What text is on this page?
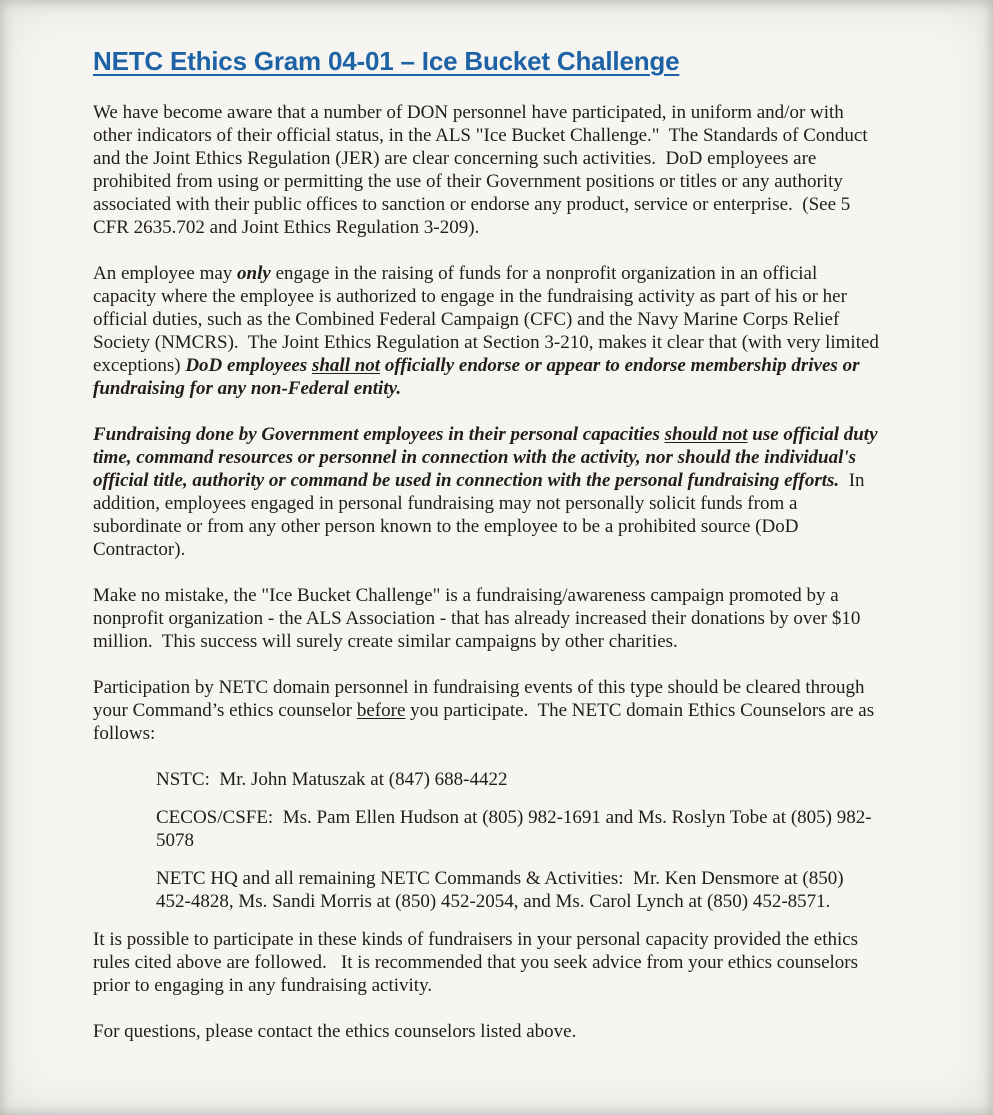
NETC Ethics Gram 04-01 – Ice Bucket Challenge

We have become aware that a number of DON personnel have participated, in uniform and/or with other indicators of their official status, in the ALS "Ice Bucket Challenge."  The Standards of Conduct and the Joint Ethics Regulation (JER) are clear concerning such activities.  DoD employees are prohibited from using or permitting the use of their Government positions or titles or any authority associated with their public offices to sanction or endorse any product, service or enterprise.  (See 5 CFR 2635.702 and Joint Ethics Regulation 3-209).

An employee may only engage in the raising of funds for a nonprofit organization in an official capacity where the employee is authorized to engage in the fundraising activity as part of his or her official duties, such as the Combined Federal Campaign (CFC) and the Navy Marine Corps Relief Society (NMCRS).  The Joint Ethics Regulation at Section 3-210, makes it clear that (with very limited exceptions) DoD employees shall not officially endorse or appear to endorse membership drives or fundraising for any non-Federal entity.

Fundraising done by Government employees in their personal capacities should not use official duty time, command resources or personnel in connection with the activity, nor should the individual's official title, authority or command be used in connection with the personal fundraising efforts.  In addition, employees engaged in personal fundraising may not personally solicit funds from a subordinate or from any other person known to the employee to be a prohibited source (DoD Contractor).

Make no mistake, the "Ice Bucket Challenge" is a fundraising/awareness campaign promoted by a nonprofit organization - the ALS Association - that has already increased their donations by over $10 million.  This success will surely create similar campaigns by other charities.

Participation by NETC domain personnel in fundraising events of this type should be cleared through your Command’s ethics counselor before you participate.  The NETC domain Ethics Counselors are as follows:

NSTC:  Mr. John Matuszak at (847) 688-4422

CECOS/CSFE:  Ms. Pam Ellen Hudson at (805) 982-1691 and Ms. Roslyn Tobe at (805) 982-5078

NETC HQ and all remaining NETC Commands & Activities:  Mr. Ken Densmore at (850) 452-4828, Ms. Sandi Morris at (850) 452-2054, and Ms. Carol Lynch at (850) 452-8571.

It is possible to participate in these kinds of fundraisers in your personal capacity provided the ethics rules cited above are followed.   It is recommended that you seek advice from your ethics counselors prior to engaging in any fundraising activity.

For questions, please contact the ethics counselors listed above.
